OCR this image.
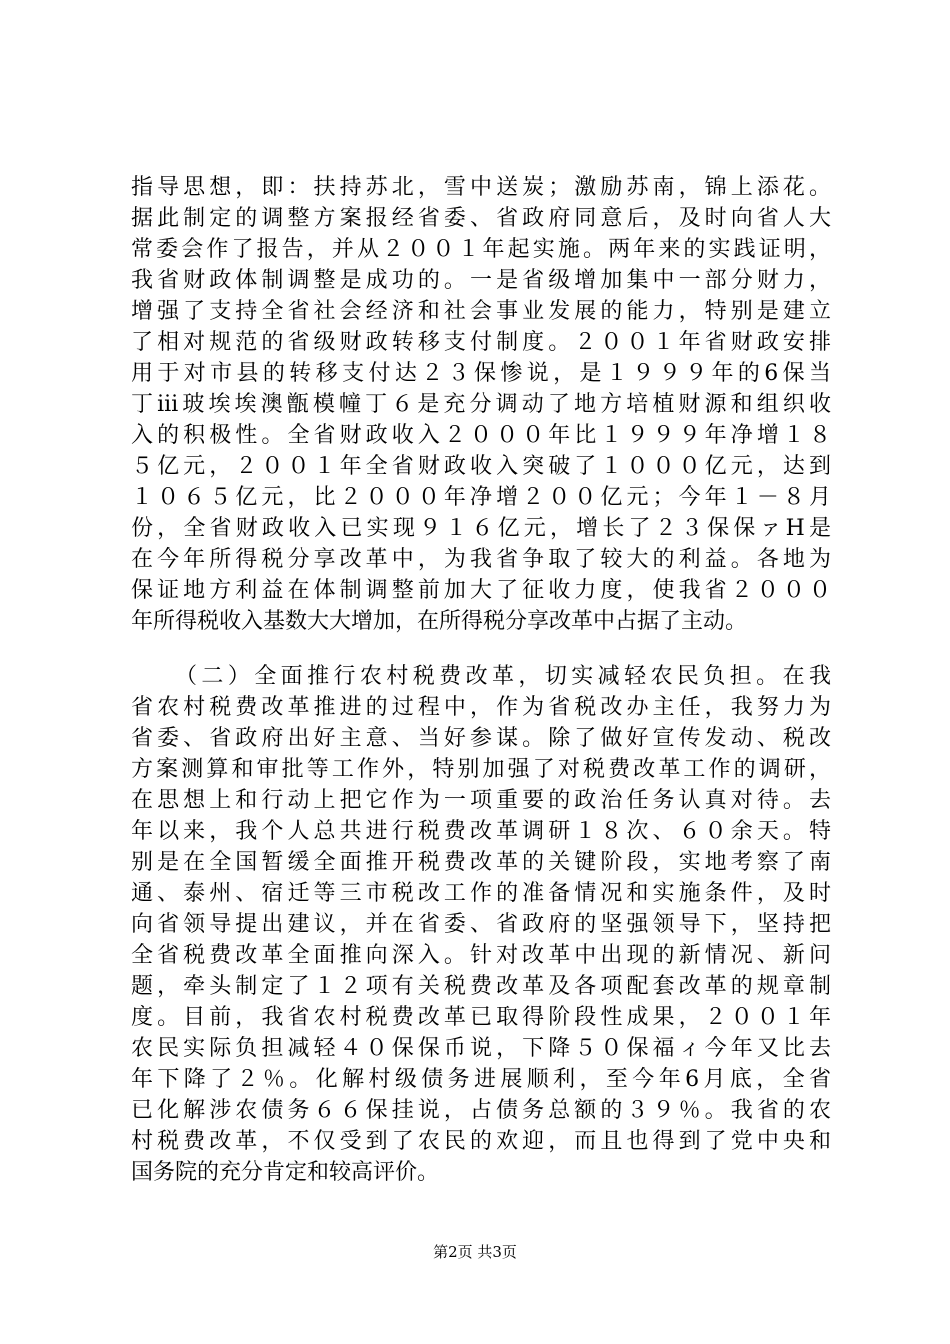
指导思想，即：扶持苏北，雪中送炭；激励苏南，锦上添花。
据此制定的调整方案报经省委、省政府同意后，及时向省人大
常委会作了报告，并从２００１年起实施。两年来的实践证明，
我省财政体制调整是成功的。一是省级增加集中一部分财力，
增强了支持全省社会经济和社会事业发展的能力，特别是建立
了相对规范的省级财政转移支付制度。２００１年省财政安排
用于对市县的转移支付达２３保惨说，是１９９９年的6保当
丁ⅲ玻埃埃澳甑模幢丁６是充分调动了地方培植财源和组织收
入的积极性。全省财政收入２０００年比１９９９年净增１８
５亿元，２００１年全省财政收入突破了１０００亿元，达到
１０６５亿元，比２０００年净增２００亿元；今年１－８月
份，全省财政收入已实现９１６亿元，增长了２３保保ァH是
在今年所得税分享改革中，为我省争取了较大的利益。各地为
保证地方利益在体制调整前加大了征收力度，使我省２０００
年所得税收入基数大大增加，在所得税分享改革中占据了主动。
（二）全面推行农村税费改革，切实减轻农民负担。在我
省农村税费改革推进的过程中，作为省税改办主任，我努力为
省委、省政府出好主意、当好参谋。除了做好宣传发动、税改
方案测算和审批等工作外，特别加强了对税费改革工作的调研，
在思想上和行动上把它作为一项重要的政治任务认真对待。去
年以来，我个人总共进行税费改革调研１８次、６０余天。特
别是在全国暂缓全面推开税费改革的关键阶段，实地考察了南
通、泰州、宿迁等三市税改工作的准备情况和实施条件，及时
向省领导提出建议，并在省委、省政府的坚强领导下，坚持把
全省税费改革全面推向深入。针对改革中出现的新情况、新问
题，牵头制定了１２项有关税费改革及各项配套改革的规章制
度。目前，我省农村税费改革已取得阶段性成果，２００１年
农民实际负担减轻４０保保币说，下降５０保福ィ今年又比去
年下降了２％。化解村级债务进展顺利，至今年6月底，全省
已化解涉农债务６６保挂说，占债务总额的３９％。我省的农
村税费改革，不仅受到了农民的欢迎，而且也得到了党中央和
国务院的充分肯定和较高评价。
第2页 共3页
